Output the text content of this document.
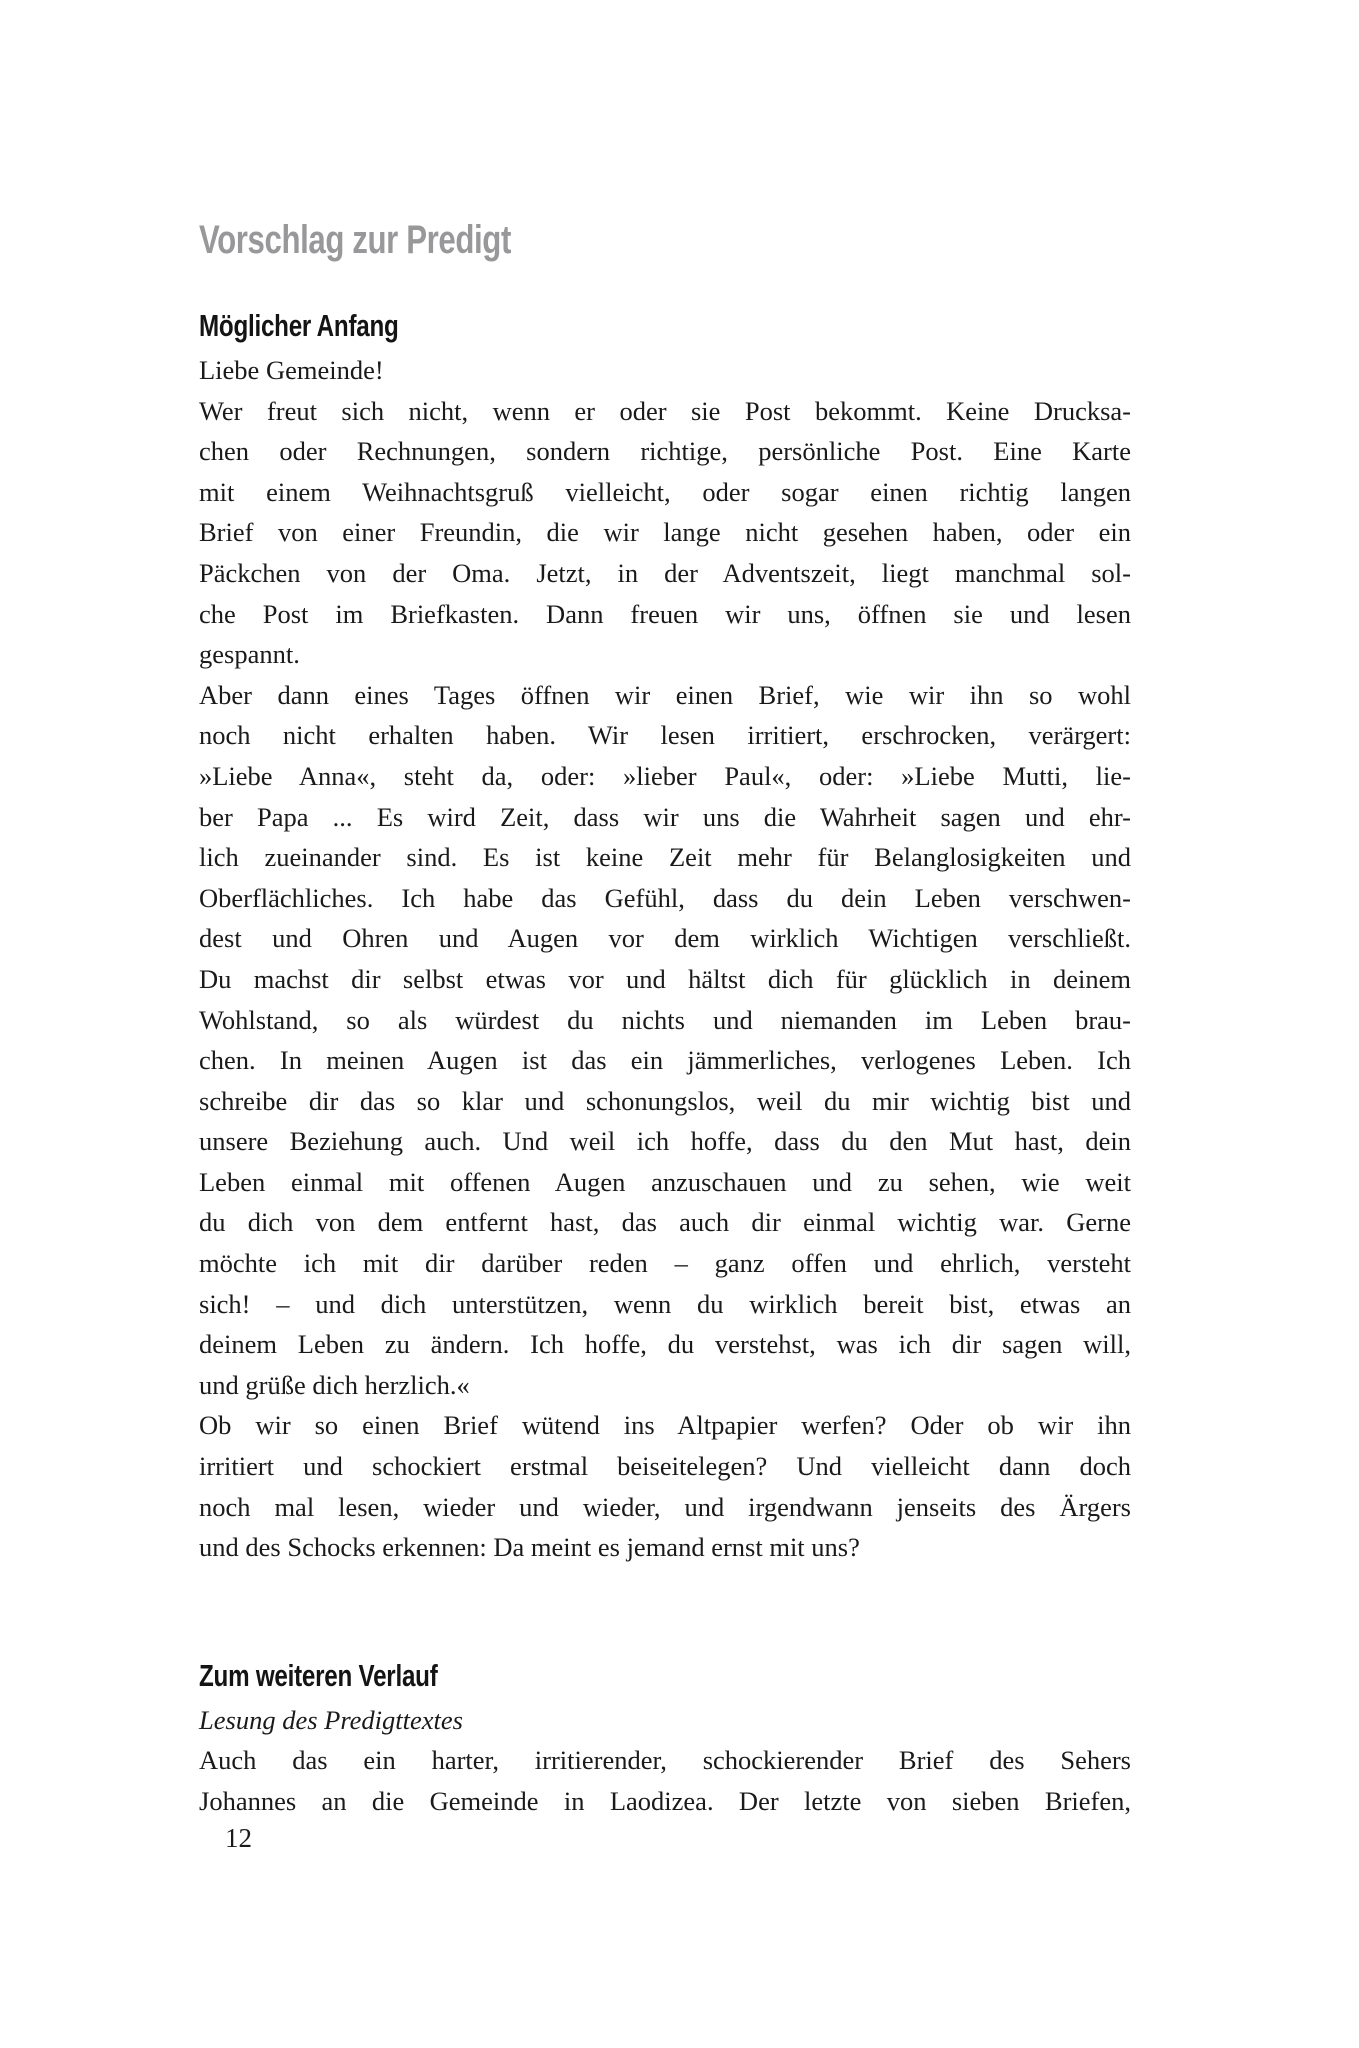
Vorschlag zur Predigt
Möglicher Anfang
Liebe Gemeinde!
Wer freut sich nicht, wenn er oder sie Post bekommt. Keine Drucksa-
chen oder Rechnungen, sondern richtige, persönliche Post. Eine Karte
mit einem Weihnachtsgruß vielleicht, oder sogar einen richtig langen
Brief von einer Freundin, die wir lange nicht gesehen haben, oder ein
Päckchen von der Oma. Jetzt, in der Adventszeit, liegt manchmal sol-
che Post im Briefkasten. Dann freuen wir uns, öffnen sie und lesen
gespannt.
Aber dann eines Tages öffnen wir einen Brief, wie wir ihn so wohl
noch nicht erhalten haben. Wir lesen irritiert, erschrocken, verärgert:
»Liebe Anna«, steht da, oder: »lieber Paul«, oder: »Liebe Mutti, lie-
ber Papa ... Es wird Zeit, dass wir uns die Wahrheit sagen und ehr-
lich zueinander sind. Es ist keine Zeit mehr für Belanglosigkeiten und
Oberflächliches. Ich habe das Gefühl, dass du dein Leben verschwen-
dest und Ohren und Augen vor dem wirklich Wichtigen verschließt.
Du machst dir selbst etwas vor und hältst dich für glücklich in deinem
Wohlstand, so als würdest du nichts und niemanden im Leben brau-
chen. In meinen Augen ist das ein jämmerliches, verlogenes Leben. Ich
schreibe dir das so klar und schonungslos, weil du mir wichtig bist und
unsere Beziehung auch. Und weil ich hoffe, dass du den Mut hast, dein
Leben einmal mit offenen Augen anzuschauen und zu sehen, wie weit
du dich von dem entfernt hast, das auch dir einmal wichtig war. Gerne
möchte ich mit dir darüber reden – ganz offen und ehrlich, versteht
sich! – und dich unterstützen, wenn du wirklich bereit bist, etwas an
deinem Leben zu ändern. Ich hoffe, du verstehst, was ich dir sagen will,
und grüße dich herzlich.«
Ob wir so einen Brief wütend ins Altpapier werfen? Oder ob wir ihn
irritiert und schockiert erstmal beiseitelegen? Und vielleicht dann doch
noch mal lesen, wieder und wieder, und irgendwann jenseits des Ärgers
und des Schocks erkennen: Da meint es jemand ernst mit uns?
Zum weiteren Verlauf
Lesung des Predigttextes
Auch das ein harter, irritierender, schockierender Brief des Sehers
Johannes an die Gemeinde in Laodizea. Der letzte von sieben Briefen,
12
